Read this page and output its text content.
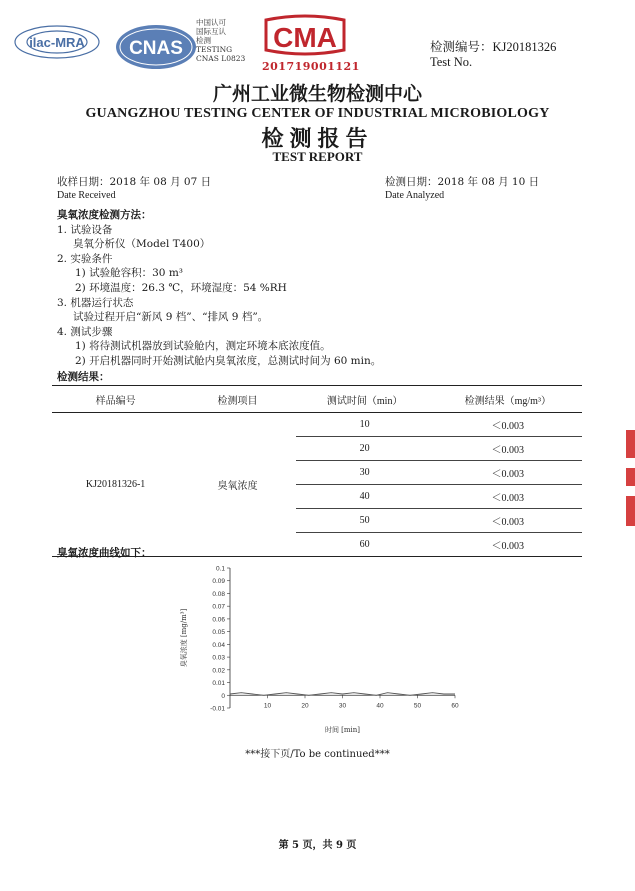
ilac-MRA CNAS
中国认可
国际互认
检测
TESTING
CNAS L0823
CMA
201719001121
检测编号：KJ20181326
Test No.
广州工业微生物检测中心
GUANGZHOU TESTING CENTER OF INDUSTRIAL MICROBIOLOGY
检测报告
TEST REPORT
收样日期：2018 年 08 月 07 日
Date Received
检测日期：2018 年 08 月 10 日
Date Analyzed
臭氧浓度检测方法：
1. 试验设备
臭氧分析仪（Model T400）
2. 实验条件
1) 试验舱容积：30 m³
2) 环境温度：26.3 ℃，环境湿度：54 %RH
3. 机器运行状态
试验过程开启“新风 9 档”、“排风 9 档”。
4. 测试步骤
1) 将待测试机器放到试验舱内，测定环境本底浓度值。
2) 开启机器同时开始测试舱内臭氧浓度，总测试时间为 60 min。
检测结果：
样品编号	检测项目	测试时间（min）	检测结果（mg/m³）
KJ20181326-1	臭氧浓度	10	＜0.003
		20	＜0.003
		30	＜0.003
		40	＜0.003
		50	＜0.003
		60	＜0.003
臭氧浓度曲线如下：
0.1
0.09
0.08
0.07
0.06
0.05
0.04
0.03
0.02
0.01
0
-0.01	10	20	30	40	50	60
时间 [min]
臭氧浓度 [mg/m³]
***接下页/To be continued***
第 5 页，共 9 页
